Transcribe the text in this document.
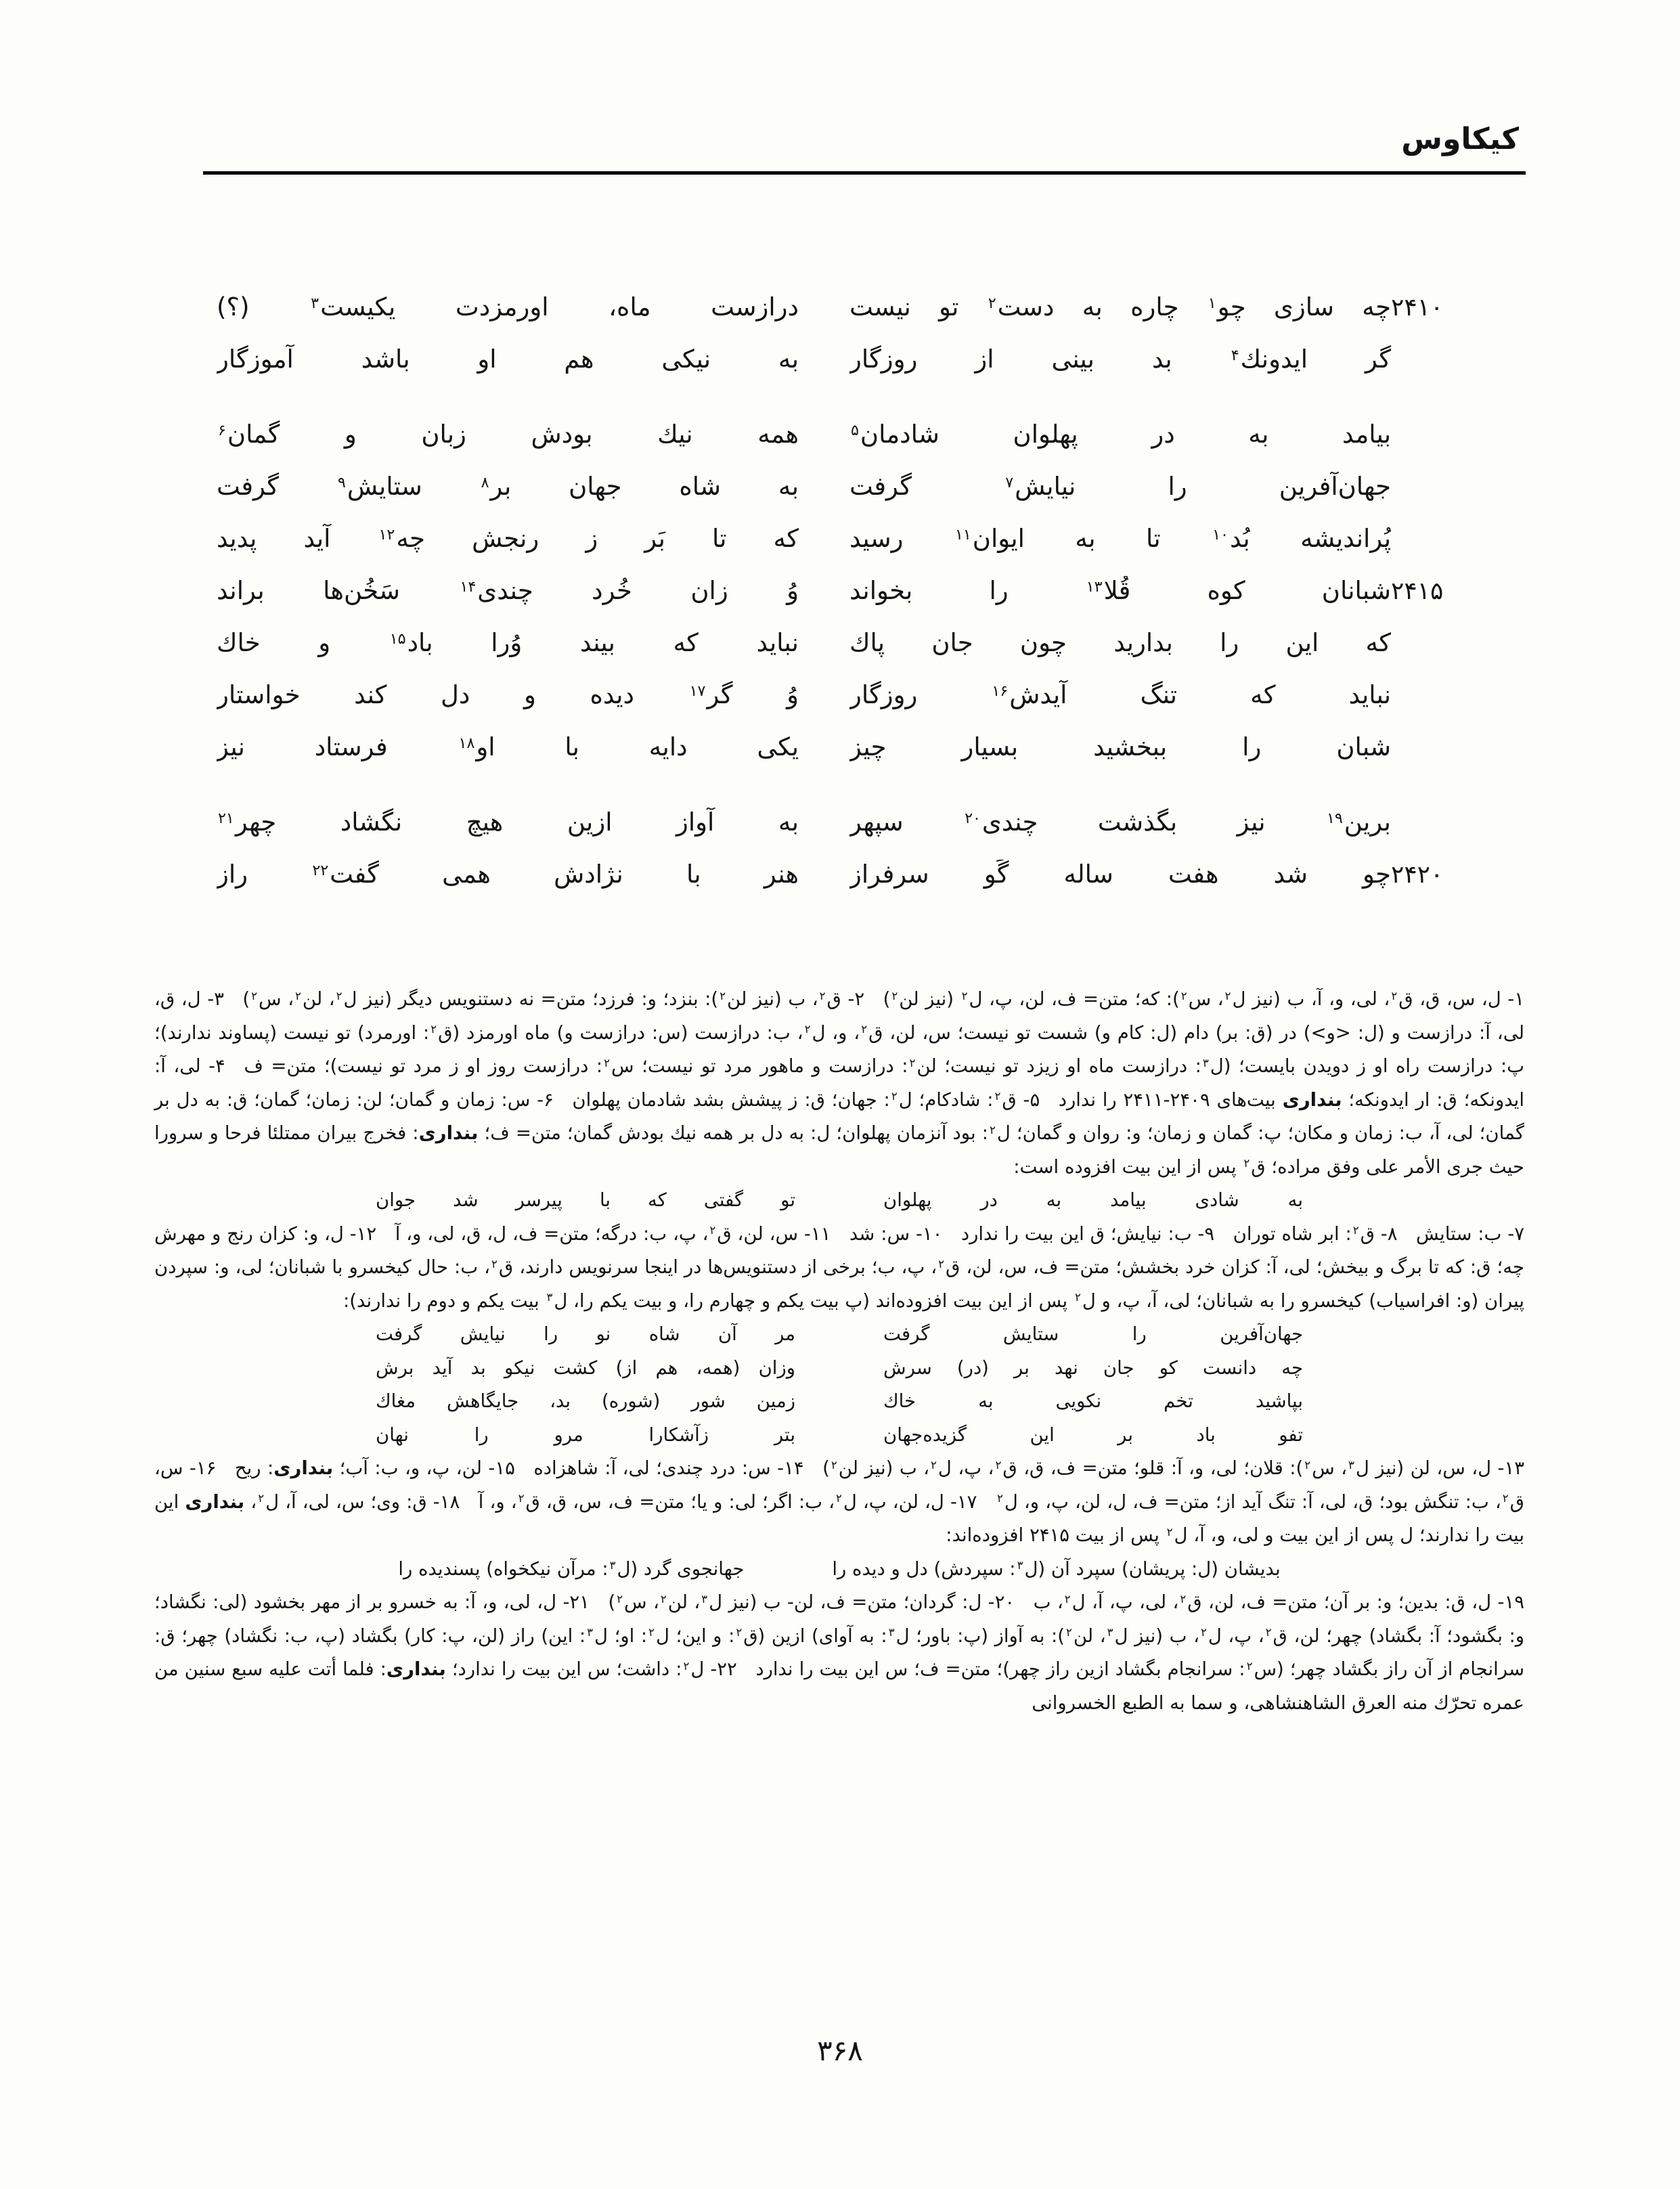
کیکاوس
۲۴۱۰
چه سازی چو$^۱$ چاره به دست$^۲$ تو نیست
درازست ماه، اورمزدت یکیست$^۳$ (؟)
گر ایدونك$^۴$ بد بینی از روزگار
به نیکی هم او باشد آموزگار
بیامد به در پهلوان شادمان$^۵$
همه نیك بودش زبان و گمان$^۶$
جهان‌آفرین را نیایش$^۷$ گرفت
به شاه جهان بر$^۸$ ستایش$^۹$ گرفت
پُراندیشه بُد$^{۱۰}$ تا به ایوان$^{۱۱}$ رسید
که تا بَر ز رنجش چه$^{۱۲}$ آید پدید
۲۴۱۵
شبانان کوه قُلا$^{۱۳}$ را بخواند
وُ زان خُرد چندی$^{۱۴}$ سَخُن‌ها براند
که این را بدارید چون جانِ پاك
نباید که بیند وُرا باد$^{۱۵}$ و خاك
نباید که تنگ آیدش$^{۱۶}$ روزگار
وُ گر$^{۱۷}$ دیده و دل کند خواستار
شبان را ببخشید بسیار چیز
یکی دایه با او$^{۱۸}$ فرستاد نیز
برین$^{۱۹}$ نیز بگذشت چندی$^{۲۰}$ سپهر
به آواز ازین هیچ نگشاد چهر$^{۲۱}$
۲۴۲۰
چو شد هفت ساله گَو سرفراز
هنر با نژادش همی گفت$^{۲۲}$ راز

۱- ل، س، ق، ق$^۲$، لی، و، آ، ب (نیز ل$^۲$، س$^۲$): که؛ متن= ف، لن، پ، ل$^۲$ (نیز لن$^۲$) ۲- ق$^۲$، ب (نیز لن$^۲$): بنزد؛ و: فرزد؛ متن= نه دستنویس دیگر (نیز ل$^۲$، لن$^۲$، س$^۲$) ۳- ل، ق، لی، آ: درازست و (ل: <و>) در (ق: بر) دام (ل: کام و) شست تو نیست؛ س، لن، ق$^۲$، و، ل$^۲$، ب: درازست (س: درازست و) ماه اورمزد (ق$^۲$: اورمرد) تو نیست (پساوند ندارند)؛ پ: درازست راه او ز دویدن بایست؛ (ل$^۳$: درازست ماه او زیزد تو نیست؛ لن$^۲$: درازست و ماهور مرد تو نیست؛ س$^۲$: درازست روز او ز مرد تو نیست)؛ متن= ف ۴- لی، آ: ایدونکه؛ ق: ار ایدونکه؛ بنداری بیت‌های ۲۴۰۹-۲۴۱۱ را ندارد ۵- ق$^۲$: شادکام؛ ل$^۲$: جهان؛ ق: ز پیشش بشد شادمان پهلوان ۶- س: زمان و گمان؛ لن: زمان؛ گمان؛ ق: به دل بر گمان؛ لی، آ، ب: زمان و مکان؛ پ: گمان و زمان؛ و: روان و گمان؛ ل$^۲$: بود آنزمان پهلوان؛ ل: به دل بر همه نیك بودش گمان؛ متن= ف؛ بنداری: فخرج بیران ممتلئا فرحا و سرورا حیث جری الأمر علی وفق مراده؛ ق$^۲$ پس از این بیت افزوده است:

به شادی بیامد به در پهلوان
تو گفتی که با پیرسر شد جوان

۷- ب: ستایش ۸- ق$^۲$: ابر شاه توران ۹- ب: نیایش؛ ق این بیت را ندارد ۱۰- س: شد ۱۱- س، لن، ق$^۲$، پ، ب: درگه؛ متن= ف، ل، ق، لی، و، آ ۱۲- ل، و: کزان رنج و مهرش چه؛ ق: که تا برگ و بیخش؛ لی، آ: کزان خرد بخشش؛ متن= ف، س، لن، ق$^۲$، پ، ب؛ برخی از دستنویس‌ها در اینجا سرنویس دارند، ق$^۲$، ب: حال کیخسرو با شبانان؛ لی، و: سپردن پیران (و: افراسیاب) کیخسرو را به شبانان؛ لی، آ، پ، و ل$^۲$ پس از این بیت افزوده‌اند (پ بیت یکم و چهارم را، و بیت یکم را، ل$^۳$ بیت یکم و دوم را ندارند):

جهان‌آفرین را ستایش گرفت
مر آن شاه نو را نیایش گرفت
چه دانست کو جان نهد بر (در) سرش
وزان (همه، هم از) کشت نیکو بد آید برش
بپاشید تخم نکویی به خاك
زمین شور (شوره) بد، جایگاهش مغاك
تفو باد بر این گزیده‌جهان
بتر زآشکارا مرو را نهان

۱۳- ل، س، لن (نیز ل$^۳$، س$^۲$): قلان؛ لی، و، آ: قلو؛ متن= ف، ق، ق$^۲$، پ، ل$^۲$، ب (نیز لن$^۲$) ۱۴- س: درد چندی؛ لی، آ: شاهزاده ۱۵- لن، پ، و، ب: آب؛ بنداری: ریح ۱۶- س، ق$^۲$، ب: تنگش بود؛ ق، لی، آ: تنگ آید از؛ متن= ف، ل، لن، پ، و، ل$^۲$ ۱۷- ل، لن، پ، ل$^۲$، ب: اگر؛ لی: و یا؛ متن= ف، س، ق، ق$^۲$، و، آ ۱۸- ق: وی؛ س، لی، آ، ل$^۲$، بنداری این بیت را ندارند؛ ل پس از این بیت و لی، و، آ، ل$^۲$ پس از بیت ۲۴۱۵ افزوده‌اند:

بدیشان (ل: پریشان) سپرد آن (ل$^۳$: سپردش) دل و دیده را
جهانجوی گرد (ل$^۳$: مرآن نیکخواه) پسندیده را

۱۹- ل، ق: بدین؛ و: بر آن؛ متن= ف، لن، ق$^۲$، لی، پ، آ، ل$^۲$، ب ۲۰- ل: گردان؛ متن= ف، لن- ب (نیز ل$^۳$، لن$^۲$، س$^۲$) ۲۱- ل، لی، و، آ: به خسرو بر از مهر بخشود (لی: نگشاد؛ و: بگشود؛ آ: بگشاد) چهر؛ لن، ق$^۲$، پ، ل$^۲$، ب (نیز ل$^۳$، لن$^۲$): به آواز (پ: باور؛ ل$^۳$: به آوای) ازین (ق$^۲$: و این؛ ل$^۲$: او؛ ل$^۳$: این) راز (لن، پ: کار) بگشاد (پ، ب: نگشاد) چهر؛ ق: سرانجام از آن راز بگشاد چهر؛ (س$^۲$: سرانجام بگشاد ازین راز چهر)؛ متن= ف؛ س این بیت را ندارد ۲۲- ل$^۲$: داشت؛ س این بیت را ندارد؛ بنداری: فلما أتت علیه سبع سنین من عمره تحرّك منه العرق الشاهنشاهی، و سما به الطبع الخسروانی

۳۶۸
